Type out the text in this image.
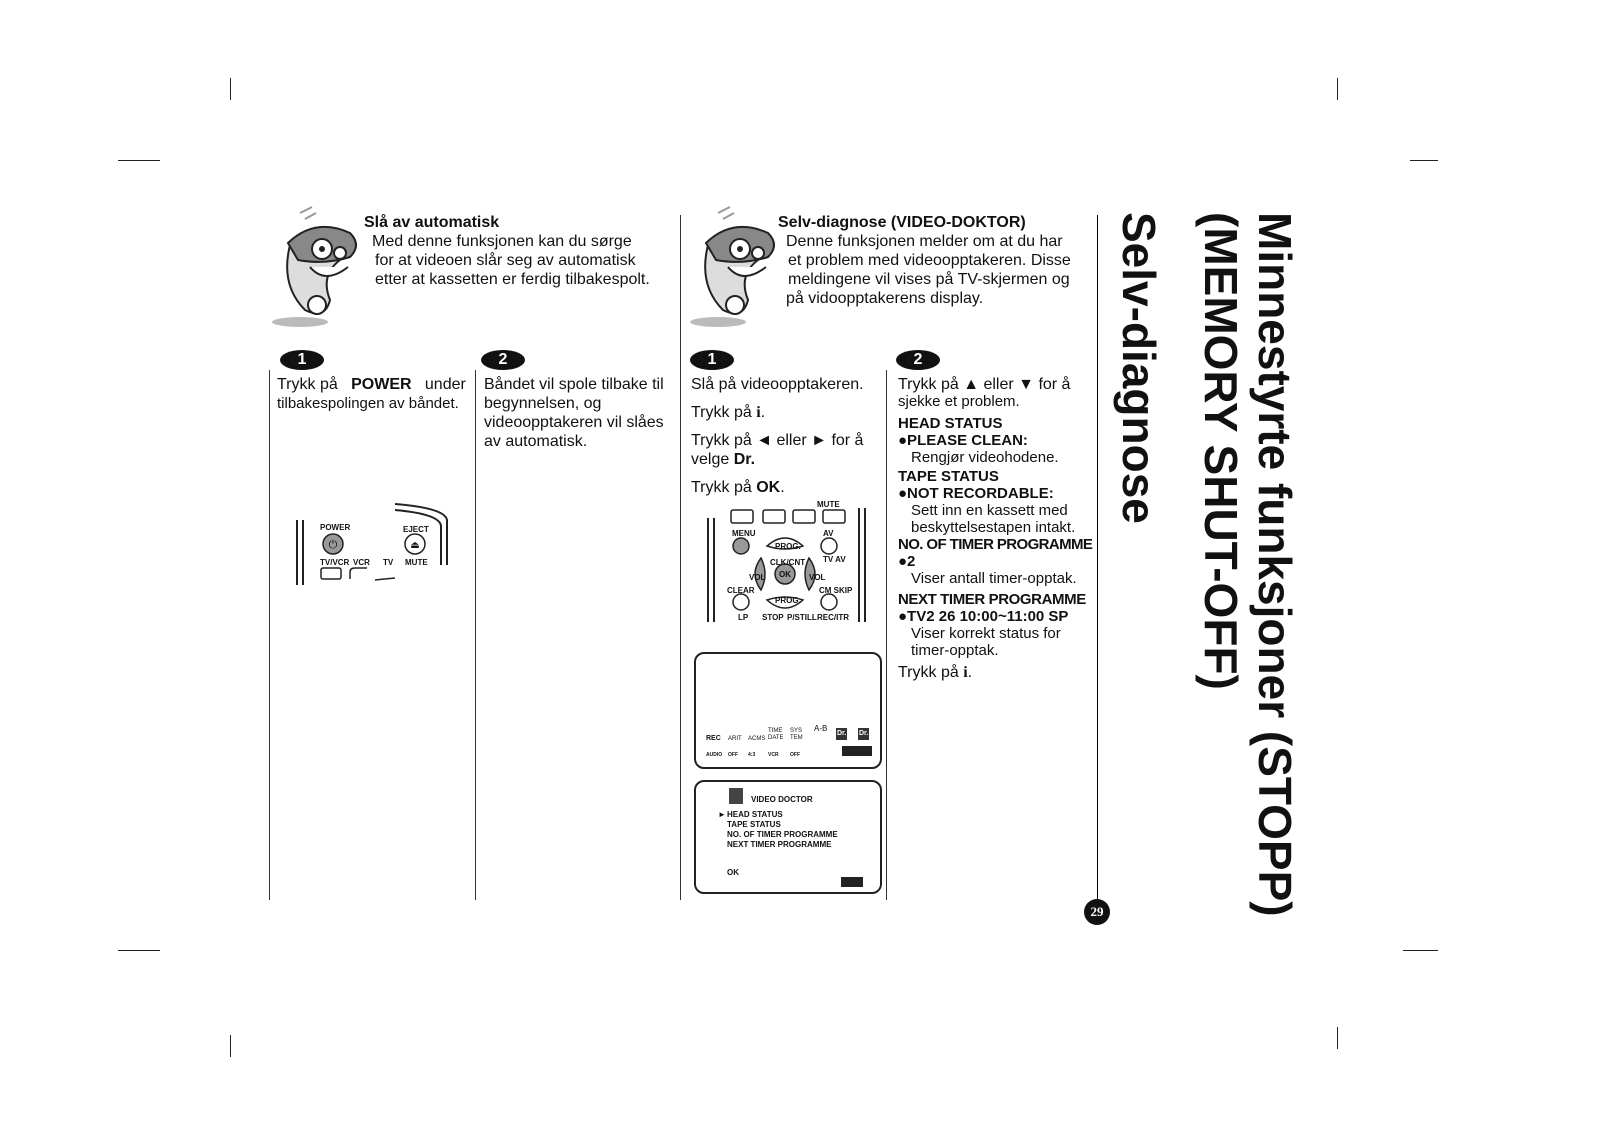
Slå av automatisk
Med denne funksjonen kan du sørge
for at videoen slår seg av automatisk
etter at kassetten er ferdig tilbakespolt.
Selv-diagnose (VIDEO-DOKTOR)
Denne funksjonen melder om at du har
et problem med videoopptakeren. Disse
meldingene vil vises på TV-skjermen og
på vidoopptakerens display.
1	2	1	2
Trykk på POWER under
tilbakespolingen av båndet.
Båndet vil spole tilbake til
begynnelsen, og
videoopptakeren vil slåes
av automatisk.
⏻	⏏
POWER	EJECT
TV/VCR VCR TV MUTE
Slå på videoopptakeren.
Trykk på i.
Trykk på ◄ eller ► for å
velge Dr.
Trykk på OK.
MUTE
MENU	AV
PROG.
CLK/CNT TV AV
VOL OK VOL
CLEAR	CM SKIP
PROG.
LP STOP P/STILL REC/ITR
REC ARIT ACMS
TIME DATE
SYS TEM
A-B
Dr. Dr.
AUDIO OFF 4:3	VCR OFF
VIDEO DOCTOR
► HEAD STATUS
TAPE STATUS
NO. OF TIMER PROGRAMME
NEXT TIMER PROGRAMME
OK
Trykk på ▲ eller ▼ for å
sjekke et problem.
HEAD STATUS
●PLEASE CLEAN:
Rengjør videohodene.
TAPE STATUS
●NOT RECORDABLE:
Sett inn en kassett med
beskyttelsestapen intakt.
NO. OF TIMER PROGRAMME
●2
Viser antall timer-opptak.
NEXT TIMER PROGRAMME
●TV2 26 10:00~11:00 SP
Viser korrekt status for
timer-opptak.
Trykk på i.	Minnestyrte funksjoner (STOPP)
(MEMORY SHUT-OFF)
Selv-diagnose
29
